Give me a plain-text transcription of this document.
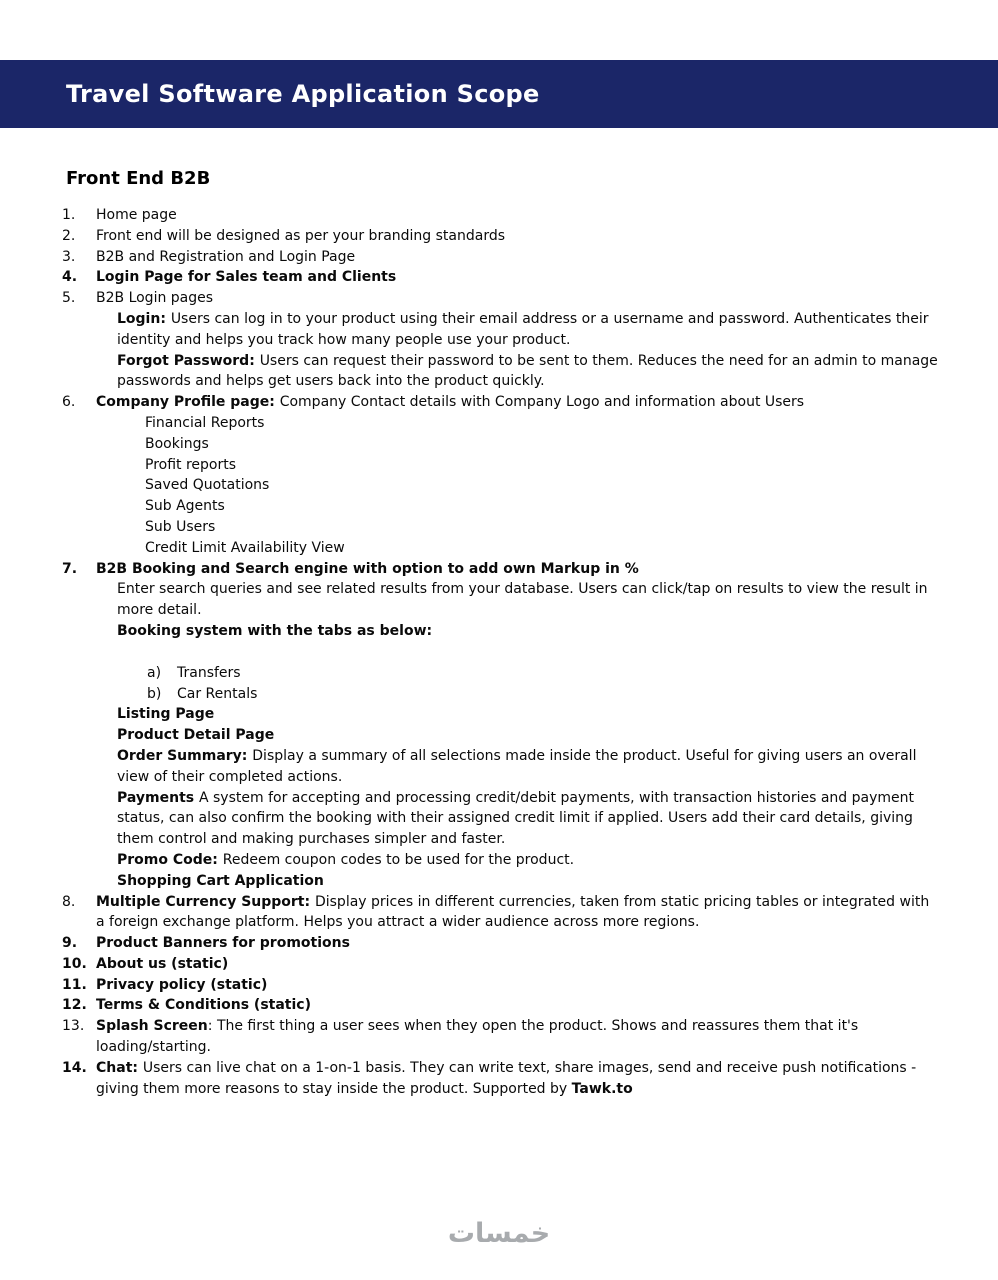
Travel Software Application Scope
Front End B2B
1.	Home page
2.	Front end will be designed as per your branding standards
3.	B2B and Registration and Login Page
4.	Login Page for Sales team and Clients
5.	B2B Login pages
Login: Users can log in to your product using their email address or a username and password. Authenticates their identity and helps you track how many people use your product.
Forgot Password: Users can request their password to be sent to them. Reduces the need for an admin to manage passwords and helps get users back into the product quickly.
6.	Company Profile page: Company Contact details with Company Logo and information about Users
Financial Reports
Bookings
Profit reports
Saved Quotations
Sub Agents
Sub Users
Credit Limit Availability View
7.	B2B Booking and Search engine with option to add own Markup in %
Enter search queries and see related results from your database. Users can click/tap on results to view the result in more detail.
Booking system with the tabs as below:
a)	Transfers
b)	Car Rentals
Listing Page
Product Detail Page
Order Summary: Display a summary of all selections made inside the product. Useful for giving users an overall view of their completed actions.
Payments A system for accepting and processing credit/debit payments, with transaction histories and payment status, can also confirm the booking with their assigned credit limit if applied. Users add their card details, giving them control and making purchases simpler and faster.
Promo Code: Redeem coupon codes to be used for the product.
Shopping Cart Application
8.	Multiple Currency Support: Display prices in different currencies, taken from static pricing tables or integrated with a foreign exchange platform. Helps you attract a wider audience across more regions.
9.	Product Banners for promotions
10. About us (static)
11. Privacy policy (static)
12. Terms & Conditions (static)
13. Splash Screen: The first thing a user sees when they open the product. Shows and reassures them that it's loading/starting.
14. Chat: Users can live chat on a 1-on-1 basis. They can write text, share images, send and receive push notifications - giving them more reasons to stay inside the product. Supported by Tawk.to
خمسات
